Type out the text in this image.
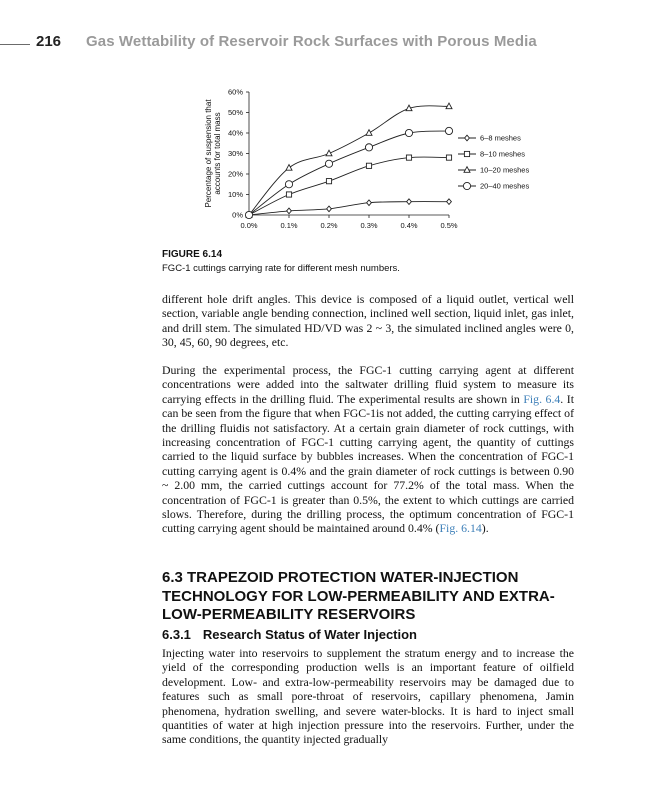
216 Gas Wettability of Reservoir Rock Surfaces with Porous Media
0%
10%
20%
30%
40%
50%
60%
0.0%	0.1%	0.2%	0.3%	0.4%	0.5%
6–8 meshes
8–10 meshes
10–20 meshes
20–40 meshes
Percentage of suspension thataccounts for total mass
FIGURE 6.14
FGC-1 cuttings carrying rate for different mesh numbers.

different hole drift angles. This device is composed of a liquid outlet, vertical well section, variable angle bending connection, inclined well section, liquid inlet, gas inlet, and drill stem. The simulated HD/VD was 2 ~ 3, the simulated inclined angles were 0, 30, 45, 60, 90 degrees, etc.

During the experimental process, the FGC-1 cutting carrying agent at different concentrations were added into the saltwater drilling fluid system to measure its carrying effects in the drilling fluid. The experimental results are shown in Fig. 6.4. It can be seen from the figure that when FGC-1is not added, the cutting carrying effect of the drilling fluidis not satisfactory. At a certain grain diameter of rock cuttings, with increasing concentration of FGC-1 cutting carrying agent, the quantity of cuttings carried to the liquid surface by bubbles increases. When the concentration of FGC-1 cutting carrying agent is 0.4% and the grain diameter of rock cuttings is between 0.90 ~ 2.00 mm, the carried cuttings account for 77.2% of the total mass. When the concentration of FGC-1 is greater than 0.5%, the extent to which cuttings are carried slows. Therefore, during the drilling process, the optimum concentration of FGC-1 cutting carrying agent should be maintained around 0.4% (Fig. 6.14).

6.3 TRAPEZOID PROTECTION WATER-INJECTION TECHNOLOGY FOR LOW-PERMEABILITY AND EXTRA-LOW-PERMEABILITY RESERVOIRS
6.3.1 Research Status of Water Injection

Injecting water into reservoirs to supplement the stratum energy and to increase the yield of the corresponding production wells is an important feature of oilfield development. Low- and extra-low-permeability reservoirs may be damaged due to features such as small pore-throat of reservoirs, capillary phenomena, Jamin phenomena, hydration swelling, and severe water-blocks. It is hard to inject small quantities of water at high injection pressure into the reservoirs. Further, under the same conditions, the quantity injected gradually
